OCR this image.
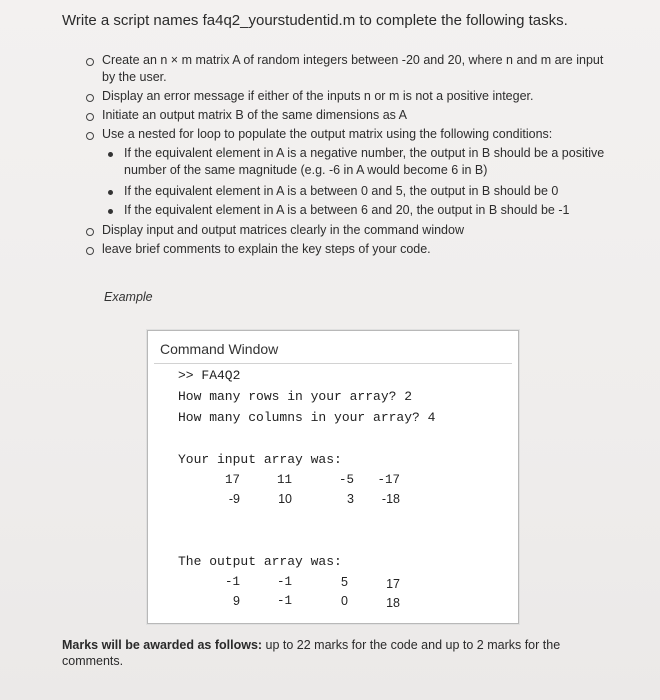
Write a script names fa4q2_yourstudentid.m to complete the following tasks.
Create an n × m matrix A of random integers between -20 and 20, where n and m are input
by the user.
Display an error message if either of the inputs n or m is not a positive integer.
Initiate an output matrix B of the same dimensions as A
Use a nested for loop to populate the output matrix using the following conditions:
If the equivalent element in A is a negative number, the output in B should be a positive
number of the same magnitude (e.g. -6 in A would become 6 in B)
If the equivalent element in A is a between 0 and 5, the output in B should be 0
If the equivalent element in A is a between 6 and 20, the output in B should be -1
Display input and output matrices clearly in the command window
leave brief comments to explain the key steps of your code.
Example
Command Window
>> FA4Q2
How many rows in your array? 2
How many columns in your array? 4
Your input array was:
17	11	-5	-17
-9	10	3	-18
The output array was:
-1	-1	5	17
9	-1	0	18
Marks will be awarded as follows: up to 22 marks for the code and up to 2 marks for the comments.
